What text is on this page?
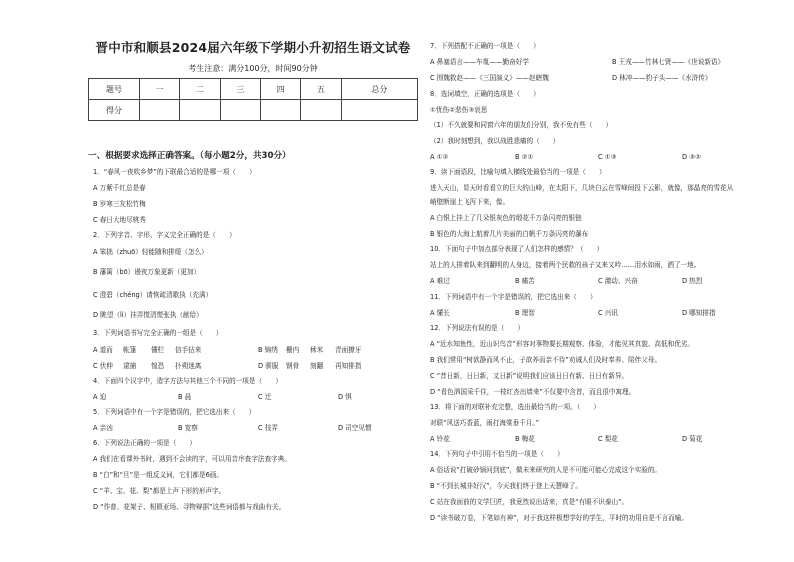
晋中市和顺县2024届六年级下学期小升初招生语文试卷
考生注意：满分100分，时间90分钟
题号	一	二	三	四	五	总分
得分						
一、根据要求选择正确答案。（每小题2分，共30分）
1．“春风一夜吹乡梦”的下联最合适的是哪一项（　　）
A 万紫千红总是春
B 岁寒三友松竹梅
C 春日大地尽桃秀
2．下列字音、字形、字义完全正确的是（　　）
A 笨拙（zhuō）轻能随和排缓（怎么）
B 藩篱（bō）谩夜万象更新（更加）
C 澄碧（chéng）请恢疏清歌执（充满）
D 眺望（lì）挂弄慌清慌张执（献给）
3．下列词语书写完全正确的一组是（　　）
A 道而 帐篷 懂栏 信手拈来	B 锦绣 栅内 秫米 青面獠牙
C 伏伸 逮捕 惶恐 扑朔迷离	D 驯服 钢骨 刻翻 再知排指
4．下面四个汉字中，造字方法与其他三个不同的一项是（　　）
A 迫	B 晨	C 迁	D 惧
5．下列词语中有一个字是错误的，把它选出来（　　）
A 亲凶	B 宽察	C 技弄	D 司空见惯
6．下列说法正确的一项是（　　）
A 我们在看课外书时，遇到不会读的字，可以用音序查字法查字典。
B “白”和“旦”是一组反义词，它们都是6画。
C “羊、宝、花、梨”都是上声下形的形声字。
D “作普、花架子、相匮亚场、寻物辩据”这些词语都与戏曲有关。
7．下列搭配不正确的一项是（　　）
A 鼻塞语言——车胤——勤奋好学	B 王戎——竹林七贤——《世说新语》
C 围魏救赵——《三国演义》——赵瞎魏	D 林冲——豹子头——《水浒传》
8．选词填空，正确的选项是（　　）
①忧伤②悲伤③哀思
（1）不久就要和同窗六年的朋友们分别，我不免有些（　　）
（2）我时刻想到，我以战胜悲痛的（　　）
A ①②	B ②①	C ①③	D ③②
9．读下面语段，比喻句填入横线处最恰当的一项是（　　）
进入天山，显天时看看立的巨大的山峰，在太阳下，几块白云在雪峰间投下云影，就像，那晶亮的雪花从
峭壁断崖上飞泻下来，像。
A 白银上挂上了几朵银灰色的缎花千万条闪亮的银链
B 银色的大海上航着几片美丽的白帆千万条闪亮的瀑布
10．下面句子中加点部分表现了人们怎样的感情？（　　）
站上的人排着队来到翻明的人身边，接着两个民救的孩子又来又吟……泪水如雨，洒了一地。
A 难过	B 痛苦	C 激动、兴奋	D 热烈
11．下列词语中有一个字是错误的，把它选出来（　　）
A 懂长	B 理智	C 兴讯	D 哪知排指
12．下列说法有误的是（　　）
A “近水知鱼性，近山识鸟音”形容对事物要长期观察、体验，才能见其真貌、高低和优劣。
B 我们常用“树欲静而风不止，子欲养而亲不待”劝诫人们及时奉养、陪伴父母。
C “昔日新，日日新，又日新”说明我们应该日日有新、日日有新异。
D “看色泗国采千住，一枝红杏出墙来”不仅要中含首，而且很中寓理。
13．将下面的对联补充完整，选出最恰当的一项。（　　）
对联“风送巧香蓝，雨打海棠垂千月。”
A 铃花	B 梅花	C 梨花	D 菊花
14．下列句子中引用不恰当的一项是（　　）
A 俗话说“打破砂锅问到底”，做未来研究的人是不可能可能心完成这个实验的。
B “不到长城非好汉”，今天我们终于登上天慧峰了。
C 站在我面前的文学巨匠，我竟然说出话来，真是“有眼不识泰山”。
D “读书破万卷，下笔如有神”，对于我这样极想学好的学生，平时的功用自是不言而喻。
